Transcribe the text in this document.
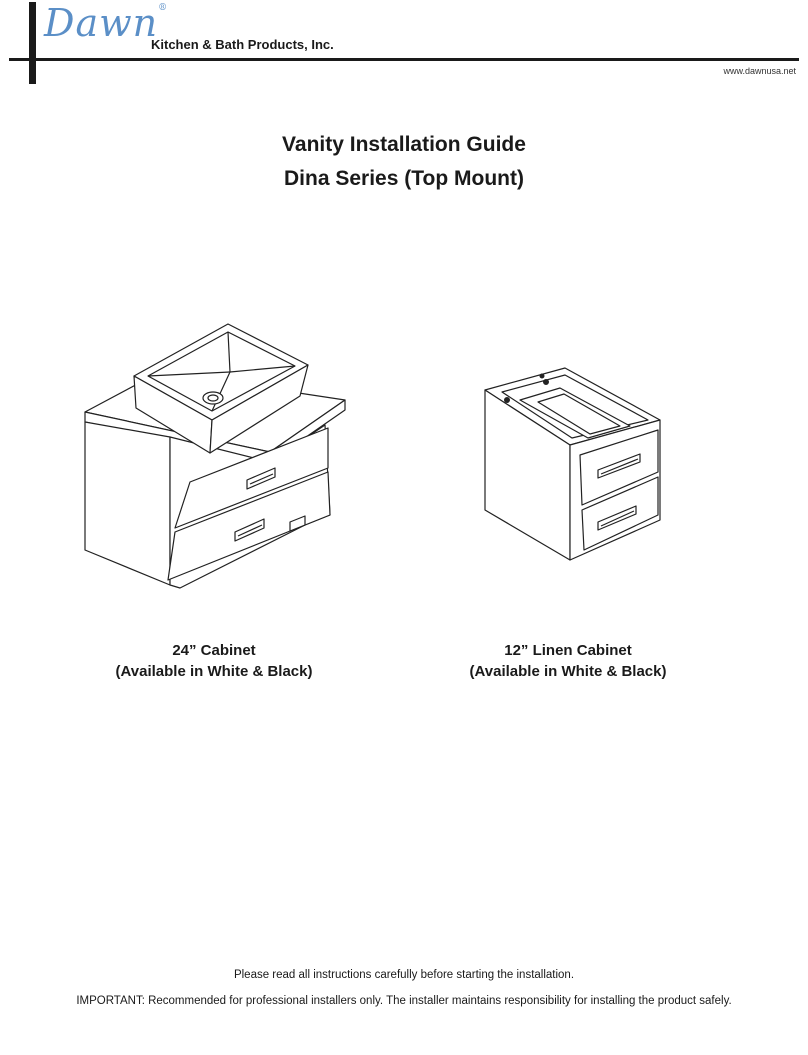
Dawn®
Kitchen & Bath Products, Inc.
www.dawnusa.net
Vanity Installation Guide
Dina Series (Top Mount)
24” Cabinet
(Available in White & Black)
12” Linen Cabinet
(Available in White & Black)
Please read all instructions carefully before starting the installation.
IMPORTANT: Recommended for professional installers only. The installer maintains responsibility for installing the product safely.
